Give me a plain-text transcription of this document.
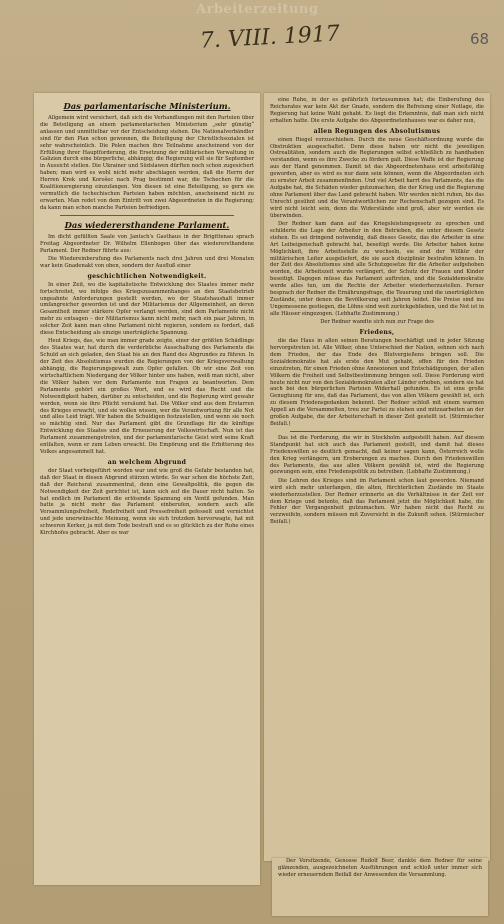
Arbeiterzeitung
7. VIII. 1917	68
Das parlamentarische Ministerium.

Allgemein wird versichert, daß sich die Verhandlungen mit den Parteien über die Beteiligung an einem parlamentarischen Ministerium „sehr günstig“ anlassen und unmittelbar vor der Entscheidung stehen. Die Nationalverbändler sind für den Plan schon gewonnen, die Beteiligung der Christlichsozialen ist sehr wahrscheinlich. Die Polen machen ihre Teilnahme anscheinend von der Erfüllung ihrer Hauptforderung, die Ersetzung der militärischen Verwaltung in Galizien durch eine bürgerliche, abhängig; die Regierung will sie für September in Aussicht stellen. Die Ukrainer und Südslawen dürften noch schon zugesichert haben; man wird es wohl nicht mehr abschlagen werden, daß die Herrn der Herren Krek und Korošec nach Prag bestimmt war, die Tschechen für die Koalitionsregierung einzufangen. Von diesen ist eine Beteiligung, so gern sie vermutlich die tschechischen Parteien haben möchten, anscheinend nicht zu erwarten. Man redet von dem Eintritt von zwei Abgeordneten in die Regierung; da kann man schon manche Parteien befriedigen.

Das wiederersthandene Parlament.

Im dicht gefüllten Saale von Jantsch's Gasthaus in der Brigittenau sprach Freitag Abgeordneter Dr. Wilhelm Ellenbogen über das wiederersthandene Parlament. Der Redner führte aus:

Die Wiedereinberufung des Parlaments nach drei Jahren und drei Monaten war kein Gnadenakt von oben, sondern der Ausfluß einer

geschichtlichen Notwendigkeit.

In einer Zeit, wo die kapitalistische Entwicklung des Staates immer mehr fortschreitet, wo infolge des Kriegszusammenhanges an den Staatsbetrieb ungeahnte Anforderungen gestellt werden, wo der Staatshaushalt immer umfangreicher geworden ist und der Militarismus der Allgemeinheit, an deren Gesamtheit immer stärkere Opfer verlangt werden, sind dem Parlamente nicht mehr zu entsagen – der Militarismus kann nicht mehr, nach ein paar Jahren, in solcher Zeit kann man ohne Parlament nicht regieren, sondern es fordert, daß diese Entscheidung als einzige unerträgliche Spannung.

Heut Kriegs, das, wie man immer grade zeigte, einer der größten Schädlinge des Staates war, hat durch die verderbliche Ausschaltung des Parlaments die Schuld an sich geladen, den Staat bis an den Rand des Abgrundes zu führen. In der Zeit des Absolutismus wurden die Regierungen von der Kriegsverwaltung abhängig, die Regierungsgewalt zum Opfer gefallen. Ob wir eine Zeit von wirtschaftlichem Niedergang der Völker hinter uns haben, weiß man nicht, aber die Völker haben vor dem Parlamente nun Fragen zu beantworten. Dem Parlamente gehört ein großes Wort, und es wird das Recht und die Notwendigkeit haben, darüber zu entscheiden, und die Regierung wird gewahr werden, wenn sie ihre Pflicht versäumt hat. Die Völker sind aus dem Erstarren des Krieges erwacht, und sie wollen wissen, wer die Verantwortung für alle Not und alles Leid trägt. Wir haben die Schuldigen festzustellen, und wenn sie noch so mächtig sind. Nur das Parlament gibt die Grundlage für die künftige Entwicklung des Staates und die Erneuerung der Volkswirtschaft. Nun ist das Parlament zusammengetreten, und der parlamentarische Geist wird seine Kraft entfalten, wenn er zum Leben erwacht. Die Empörung und die Erbitterung des Volkes angesammelt hat.

an welchem Abgrund

der Staat vorbeigeführt worden war und wie groß die Gefahr bestanden hat, daß der Staat in diesen Abgrund stürzen würde. So war schon die höchste Zeit, daß der Reichsrat zusammentrat, denn eine Gewaltpolitik, die gegen die Notwendigkeit der Zeit gerichtet ist, kann sich auf die Dauer nicht halten. So hat endlich im Parlament die erlösende Spannung ein Ventil gefunden. Man hatte ja nicht mehr das Parlament einberufen, sondern auch alle Versammlungsfreiheit, Redefreiheit und Pressefreiheit gefesselt und vernichtet und jede unerwünschte Meinung, wenn sie sich trotzdem hervorwagte, hat mit schweren Kerker, ja mit dem Tode bestraft und es so glücklich zu der Ruhe eines Kirchhofes gebracht. Aber es war

eine Ruhe, in der es gefährlich fortzusummen hat; die Einberufung des Reichsrates war kein Akt der Gnade, sondern die Befreiung einer Notlage, die Regierung hat keine Wahl gehabt. Es liegt die Erkenntnis, daß man sich nicht erhalten hatte. Die erste Aufgabe des Abgeordnetenhauses war es daher nun,

allen Regungen des Absolutismus

einen Riegel vorzuschieben. Durch die neue Geschäftsordnung wurde die Obstruktion ausgeschaltet. Denn diese haben wir nicht die jeweiligen Ostrealitäten, sondern auch die Regierungen selbst schließlich zu handhaben verstanden, wenn es ihre Zwecke zu fördern galt. Diese Waffe ist der Regierung aus der Hand genommen. Damit ist das Abgeordnetenhaus erst arbeitsfähig geworden, aber es wird es nur dann sein können, wenn die Abgeordneten sich zu ernster Arbeit zusammenfinden. Und viel Arbeit harrt des Parlaments, das die Aufgabe hat, die Schäden wieder gutzumachen, die der Krieg und die Regierung ohne Parlament über das Land gebracht haben. Wir werden nicht ruhen, bis das Unrecht gesühnt und die Verantwortlichen zur Rechenschaft gezogen sind. Es wird nicht leicht sein, denn die Widerstände sind groß, aber wir werden sie überwinden.

Der Redner kam dann auf das Kriegsleistungsgesetz zu sprechen und schilderte die Lage der Arbeiter in den Betrieben, die unter diesem Gesetz stehen. Es sei dringend notwendig, daß dieses Gesetz, das die Arbeiter in eine Art Leibeigenschaft gebracht hat, beseitigt werde. Die Arbeiter haben keine Möglichkeit, ihre Arbeitsstelle zu wechseln, sie sind der Willkür der militärischen Leiter ausgeliefert, die sie auch disziplinär bestrafen können. In der Zeit des Absolutismus sind alle Schutzgesetze für die Arbeiter aufgehoben worden, die Arbeitszeit wurde verlängert, der Schutz der Frauen und Kinder beseitigt. Dagegen müsse das Parlament auftreten, und die Sozialdemokratie werde alles tun, um die Rechte der Arbeiter wiederherzustellen. Ferner besprach der Redner die Ernährungsfrage, die Teuerung und die unerträglichen Zustände, unter denen die Bevölkerung seit Jahren leidet. Die Preise sind ins Ungemessene gestiegen, die Löhne sind weit zurückgeblieben, und die Not ist in alle Häuser eingezogen. (Lebhafte Zustimmung.)

Der Redner wandte sich nun zur Frage des

Friedens,

die das Haus in allen seinen Beratungen beschäftigt und in jeder Sitzung hervorgetreten ist. Alle Völker, ohne Unterschied der Nation, sehnen sich nach dem Frieden, der das Ende des Blutvergießens bringen soll. Die Sozialdemokratie hat als erste den Mut gehabt, offen für den Frieden einzutreten, für einen Frieden ohne Annexionen und Entschädigungen, der allen Völkern die Freiheit und Selbstbestimmung bringen soll. Diese Forderung wird heute nicht nur von den Sozialdemokraten aller Länder erhoben, sondern sie hat auch bei den bürgerlichen Parteien Widerhall gefunden. Es ist eine große Genugtuung für uns, daß das Parlament, das von allen Völkern gewählt ist, sich zu diesem Friedensgedanken bekennt. Der Redner schloß mit einem warmen Appell an die Versammelten, treu zur Partei zu stehen und mitzuarbeiten an der großen Aufgabe, die der Arbeiterschaft in dieser Zeit gestellt ist. (Stürmischer Beifall.)

Das ist die Forderung, die wir in Stockholm aufgestellt haben. Auf diesem Standpunkt hat sich auch das Parlament gestellt, und damit hat dieses Friedenswillen so deutlich gemacht, daß keiner sagen kann, Österreich wolle den Krieg verlängern, um Eroberungen zu machen. Durch den Friedenswillen des Parlaments, das aus allen Völkern gewählt ist, wird die Regierung gezwungen sein, eine Friedenspolitik zu betreiben. (Lebhafte Zustimmung.)

Die Lehren des Krieges sind im Parlament schon laut geworden. Niemand wird sich mehr unterfangen, die alten, fürchterlichen Zustände im Staate wiederherzustellen. Der Redner erinnerte an die Verhältnisse in der Zeit vor dem Kriege und betonte, daß das Parlament jetzt die Möglichkeit habe, die Fehler der Vergangenheit gutzumachen. Wir haben nicht das Recht zu verzweifeln, sondern müssen mit Zuversicht in die Zukunft sehen. (Stürmischer Beifall.)

Der Vorsitzende, Genosse Rudolf Beer, dankte dem Redner für seine glänzenden, ausgezeichneten Ausführungen und schloß unter immer sich wieder erneuerndem Beifall der Anwesenden die Versammlung.
